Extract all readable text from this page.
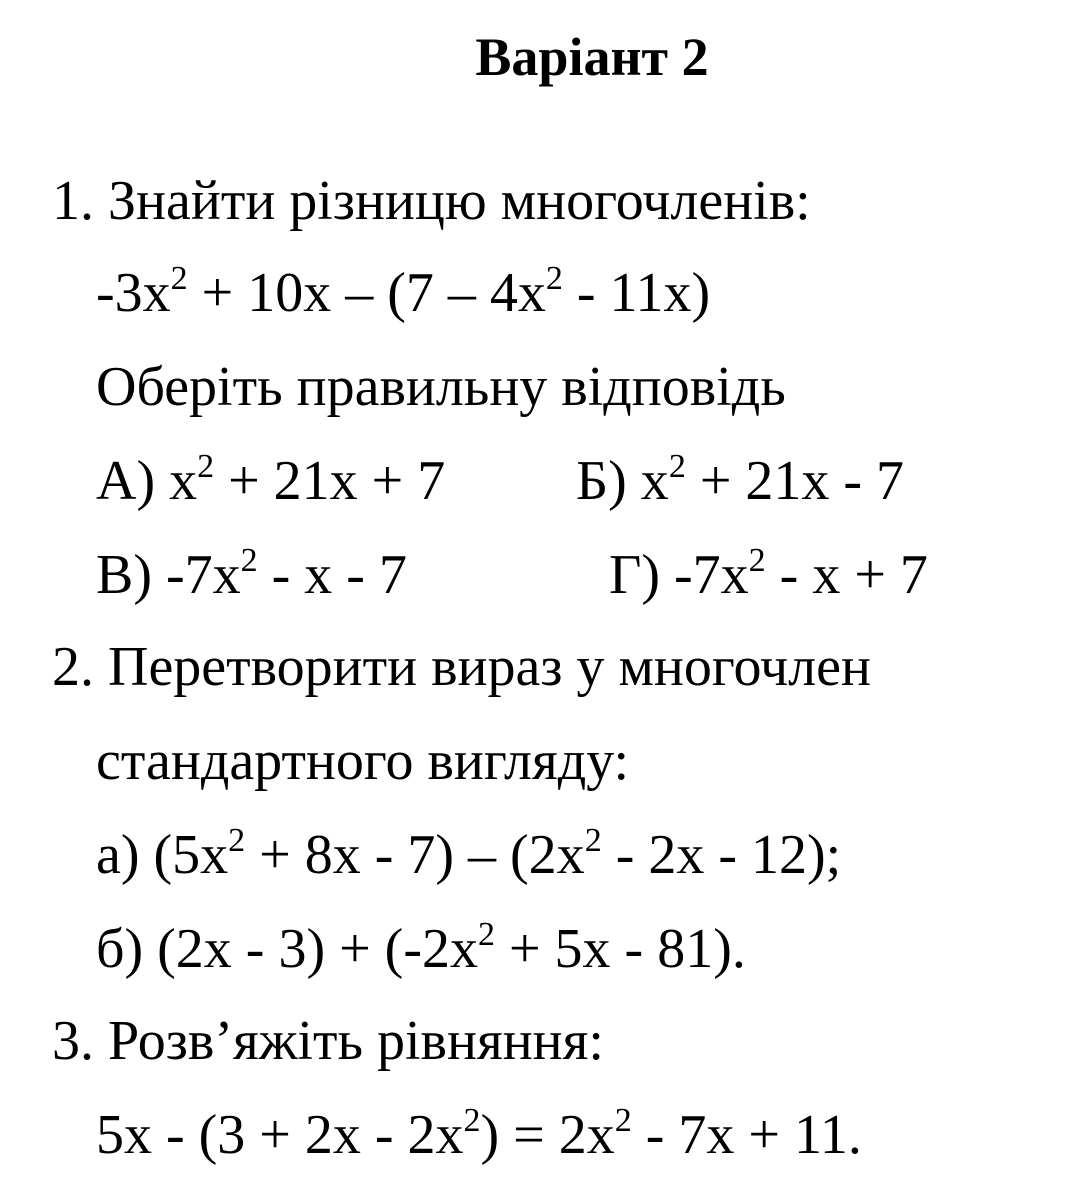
Варіант 2
1. Знайти різницю многочленів:
$-3x^2 + 10x - (7 - 4x^2 - 11x)$
Оберіть правильну відповідь
А) $x^2 + 21x + 7$ Б) $x^2 + 21x - 7$
В) $-7x^2$ - x - 7	Г) $-7x^2 - x + 7$
2. Перетворити вираз у многочлен
стандартного вигляду:
а) $(5x^2 + 8x - 7) - (2x^2 - 2x - 12)$;
б) $(2x - 3) + (-2x^2 + 5x - 81)$.
3. Розв’яжіть рівняння:
$5x - (3 + 2x - 2x^2) = 2x^2 - 7x + 11$.
